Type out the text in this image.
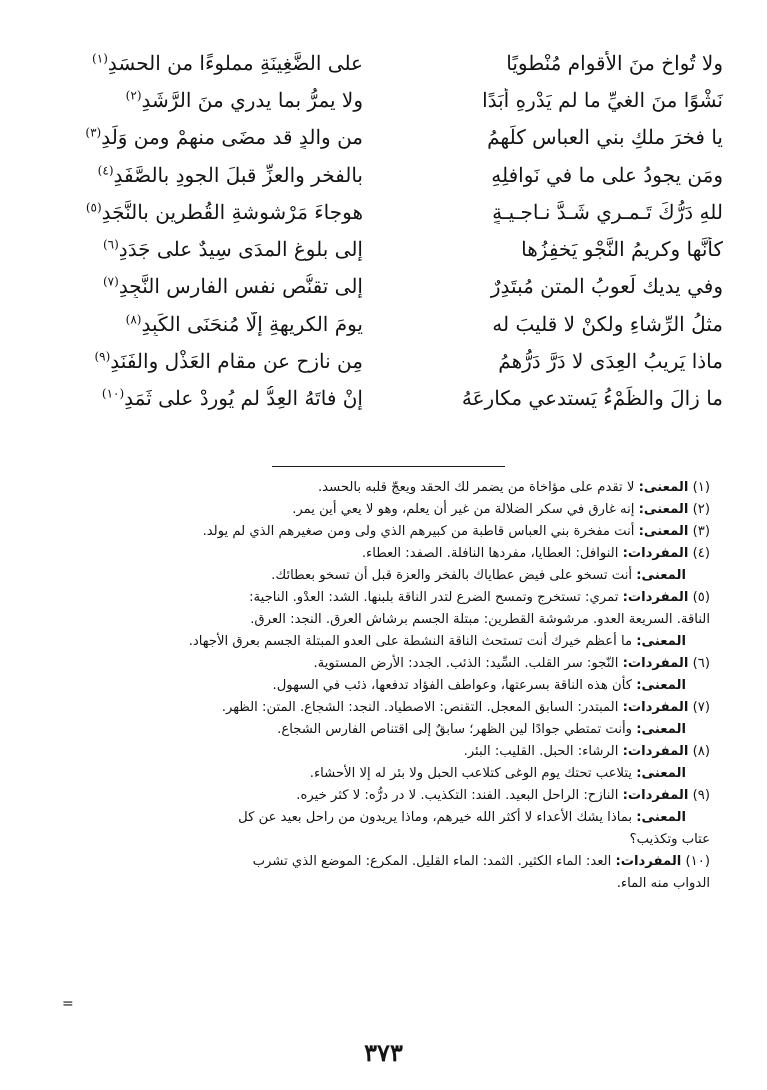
ولا تُواخِ منَ الأقوامِ مُنْطويًا
على الضَّغِينَةِ مملوءًا من الحسَدِ$^{(١)}$
نَشْوًا منَ الغيِّ ما لم يَدْرِهِ أبَدًا
ولا يمرُّ بما يدري منَ الرَّشَدِ$^{(٢)}$
يا فخرَ ملكِ بني العباسِ كلِّهِمُ
من والدٍ قد مضَى منهمْ ومن وَلَدِ$^{(٣)}$
ومَن يجودُ على ما في نَوافلِهِ
بالفخرِ والعزِّ قبلَ الجودِ بالصَّفَدِ$^{(٤)}$
للهِ دَرُّكَ تَـمـري شَـدَّ نـاجـيـةٍ
هوجاءَ مَرْشوشةِ القُطرين بالنَّجَدِ$^{(٥)}$
كأنَّها وكريمُ النَّجْوِ يَخفِزُها
إلى بلوغِ المدَى سِيدٌ على جَدَدِ$^{(٦)}$
وفي يديك لَعوبُ المتنِ مُبتَدِرٌ
إلى تقنُّصِ نفسِ الفارسِ النَّجِدِ$^{(٧)}$
مثلُ الرِّشاءِ ولكنْ لا قليبَ له
يومَ الكريهةِ إلَّا مُنحَنَى الكَبِدِ$^{(٨)}$
ماذا يَريبُ العِدَى لا دَرَّ دَرُّهمُ
مِن نازحٍ عن مقامِ العَذْلِ والفَنَدِ$^{(٩)}$
ما زالَ والظِّمْءُ يَستدعي مكارِعَهُ
إنْ فاتَهُ العِدُّ لم يُوردْ على ثَمَدِ$^{(١٠)}$
(١) المعنى: لا تقدم على مؤاخاة من يضمر لك الحقد ويعجّ قلبه بالحسد.
(٢) المعنى: إنه غارق في سكر الضلالة من غير أن يعلم، وهو لا يعي أين يمر.
(٣) المعنى: أنت مفخرة بني العباس قاطبة من كبيرهم الذي ولى ومن صغيرهم الذي لم يولد.
(٤) المفردات: النوافل: العطايا، مفردها النافلة. الصفد: العطاء.
المعنى: أنت تسخو على فيض عطاياك بالفخر والعزة قبل أن تسخو بعطائك.
(٥) المفردات: تمري: تستخرج وتمسح الضرع لتدر الناقة بلبنها. الشد: العدْو. الناجية:
الناقة. السريعة العدو. مرشوشة القطرين: مبتلة الجسم برشاش العرق. النجد: العرق.
المعنى: ما أعظم خيرك أنت تستحث الناقة النشطة على العدو المبتلة الجسم بعرق الأجهاد.
(٦) المفردات: النّجو: سر القلب. السِّيد: الذئب. الجدد: الأرض المستوية.
المعنى: كأن هذه الناقة بسرعتها، وعواطف الفؤاد تدفعها، ذئب في السهول.
(٧) المفردات: المبتدر: السابق المعجل. التقنص: الاصطياد. النجد: الشجاع. المتن: الظهر.
المعنى: وأنت تمتطي جوادًا لين الظهر؛ سابقٌ إلى اقتناص الفارس الشجاع.
(٨) المفردات: الرشاء: الحبل. القليب: البئر.
المعنى: يتلاعب تحتك يوم الوغى كتلاعب الحبل ولا بئر له إلا الأحشاء.
(٩) المفردات: النازح: الراحل البعيد. الفند: التكذيب. لا در درُّه: لا كثر خيره.
المعنى: بماذا يشك الأعداء لا أكثر الله خيرهم، وماذا يريدون من راحل بعيد عن كل
عتاب وتكذيب؟
(١٠) المفردات: العد: الماء الكثير. الثمد: الماء القليل. المكرع: الموضع الذي تشرب
الدواب منه الماء.
=
٣٧٣
